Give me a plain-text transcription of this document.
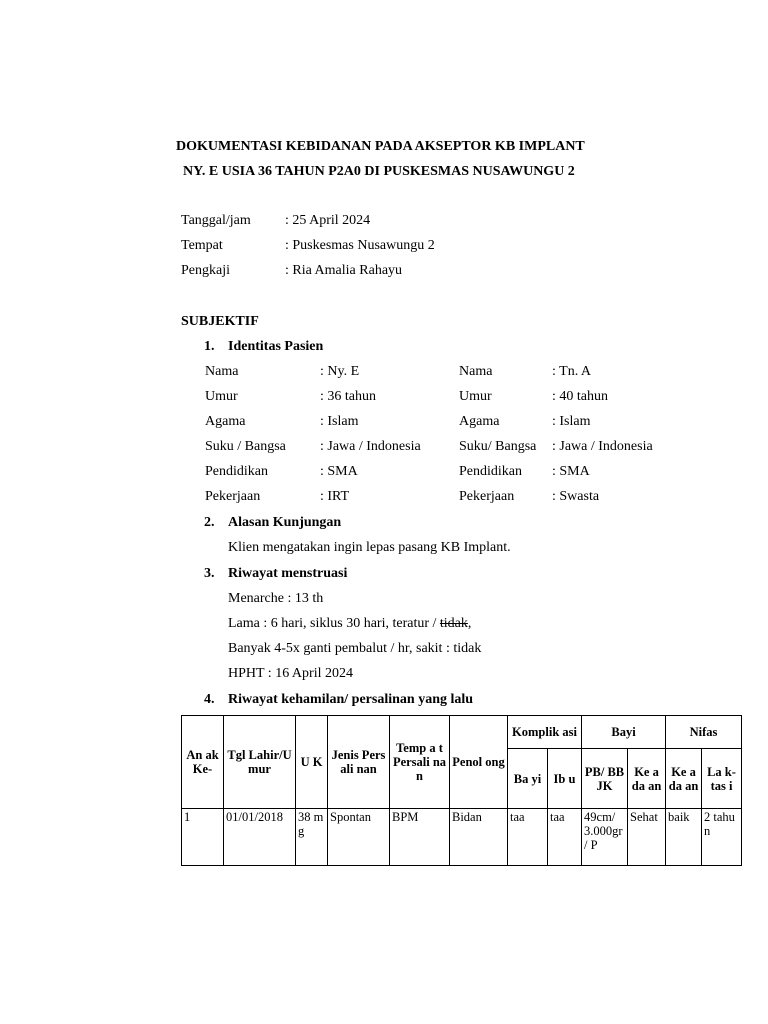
DOKUMENTASI KEBIDANAN PADA AKSEPTOR KB IMPLANT
NY. E USIA 36 TAHUN P2A0 DI PUSKESMAS NUSAWUNGU 2
Tanggal/jam : 25 April 2024
Tempat	: Puskesmas Nusawungu 2
Pengkaji	: Ria Amalia Rahayu
SUBJEKTIF
1. Identitas Pasien
Nama	: Ny. E	Nama	: Tn. A
Umur	: 36 tahun	Umur	: 40 tahun
Agama	: Islam	Agama	: Islam
Suku / Bangsa : Jawa / Indonesia	Suku/ Bangsa : Jawa / Indonesia
Pendidikan	: SMA	Pendidikan : SMA
Pekerjaan	: IRT	Pekerjaan	: Swasta
2. Alasan Kunjungan
Klien mengatakan ingin lepas pasang KB Implant.
3. Riwayat menstruasi
Menarche : 13 th
Lama : 6 hari, siklus 30 hari, teratur / tidak,
Banyak 4-5x ganti pembalut / hr, sakit : tidak
HPHT : 16 April 2024
4. Riwayat kehamilan/ persalinan yang lalu
An ak Ke-	Tgl Lahir/U mur	U K	Jenis Persali nan	Temp a t Persali nan	Penol ong	Komplik asi		Bayi		Nifas	
						Ba yi	Ib u	PB/ BB JK	Ke a da an	Ke a da an	La k- tas i
1	01/01/2018	38 mg	Spontan	BPM	Bidan	taa	taa	49cm/ 3.000gr / P	Sehat	baik	2 tahun
